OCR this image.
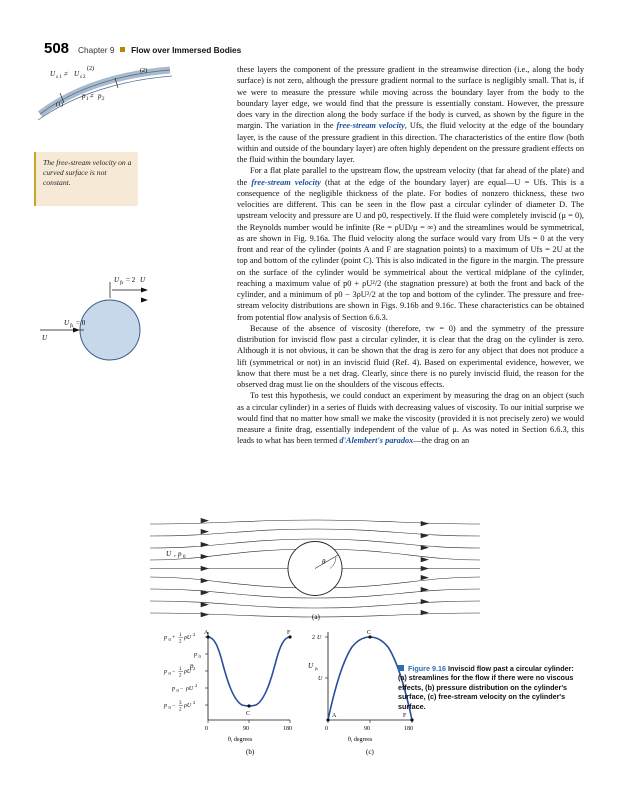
508 Chapter 9 Flow over Immersed Bodies
U s 1 ≠ U s 2
(2)	(2)
p 1 ≠ p 2
(1)
The free-stream velocity on a curved surface is not constant.
U
U fs = 2 U
U fs = 0

these layers the component of the pressure gradient in the streamwise direction (i.e., along the body surface) is not zero, although the pressure gradient normal to the surface is negligibly small. That is, if we were to measure the pressure while moving across the boundary layer from the body to the boundary layer edge, we would find that the pressure is essentially constant. However, the pressure does vary in the direction along the body surface if the body is curved, as shown by the figure in the margin. The variation in the free-stream velocity, Ufs, the fluid velocity at the edge of the boundary layer, is the cause of the pressure gradient in this direction. The characteristics of the entire flow (both within and outside of the boundary layer) are often highly dependent on the pressure gradient effects on the fluid within the boundary layer.

For a flat plate parallel to the upstream flow, the upstream velocity (that far ahead of the plate) and the free-stream velocity (that at the edge of the boundary layer) are equal—U = Ufs. This is a consequence of the negligible thickness of the plate. For bodies of nonzero thickness, these two velocities are different. This can be seen in the flow past a circular cylinder of diameter D. The upstream velocity and pressure are U and p0, respectively. If the fluid were completely inviscid (μ = 0), the Reynolds number would be infinite (Re = ρUD/μ = ∞) and the streamlines would be symmetrical, as are shown in Fig. 9.16a. The fluid velocity along the surface would vary from Ufs = 0 at the very front and rear of the cylinder (points A and F are stagnation points) to a maximum of Ufs = 2U at the top and bottom of the cylinder (point C). This is also indicated in the figure in the margin. The pressure on the surface of the cylinder would be symmetrical about the vertical midplane of the cylinder, reaching a maximum value of p0 + ρU²/2 (the stagnation pressure) at both the front and back of the cylinder, and a minimum of p0 − 3ρU²/2 at the top and bottom of the cylinder. The pressure and free-stream velocity distributions are shown in Figs. 9.16b and 9.16c. These characteristics can be obtained from potential flow analysis of Section 6.6.3.

Because of the absence of viscosity (therefore, τw = 0) and the symmetry of the pressure distribution for inviscid flow past a circular cylinder, it is clear that the drag on the cylinder is zero. Although it is not obvious, it can be shown that the drag is zero for any object that does not produce a lift (symmetrical or not) in an inviscid fluid (Ref. 4). Based on experimental evidence, however, we know that there must be a net drag. Clearly, since there is no purely inviscid fluid, the reason for the observed drag must lie on the shoulders of the viscous effects.

To test this hypothesis, we could conduct an experiment by measuring the drag on an object (such as a circular cylinder) in a series of fluids with decreasing values of viscosity. To our initial surprise we would find that no matter how small we make the viscosity (provided it is not precisely zero) we would measure a finite drag, essentially independent of the value of μ. As was noted in Section 6.6.3, this leads to what has been termed d'Alembert's paradox—the drag on an

θ
U , p 0
(a)
A
C
F
p 0 + 1
2
ρU
2
p 0
p 0 − 1
2
ρU
2
p 0 − ρU
2
p 0 − 3
2
ρU
2
p
0	90	180
θ, degrees
(b)
A
C
F
2 U
U
U fs
0	90	180
θ, degrees
(c)
Figure 9.16 Inviscid flow past a circular cylinder: (a) streamlines for the flow if there were no viscous effects, (b) pressure distribution on the cylinder's surface, (c) free-stream velocity on the cylinder's surface.
